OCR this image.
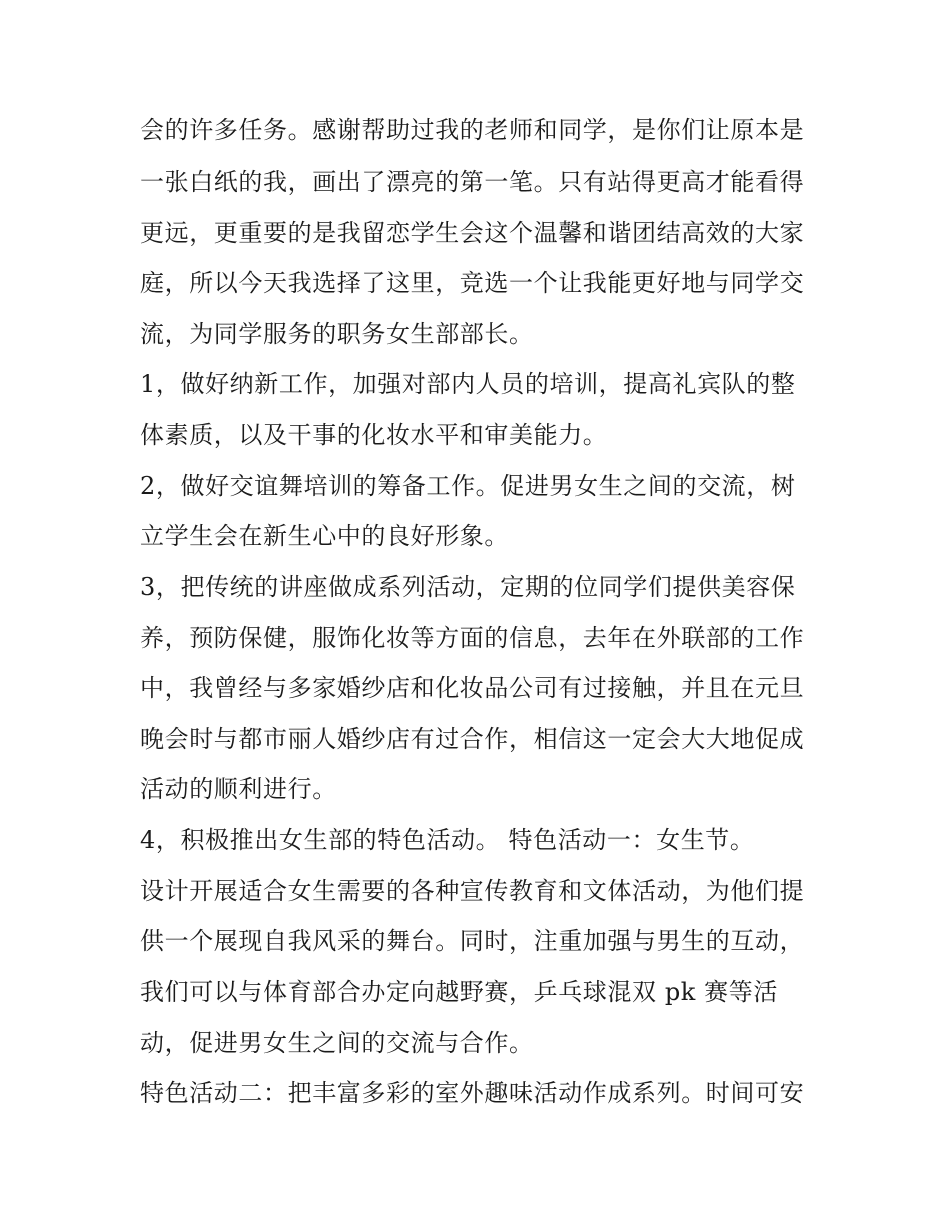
会的许多任务。感谢帮助过我的老师和同学，是你们让原本是
一张白纸的我，画出了漂亮的第一笔。只有站得更高才能看得
更远，更重要的是我留恋学生会这个温馨和谐团结高效的大家
庭，所以今天我选择了这里，竞选一个让我能更好地与同学交
流，为同学服务的职务女生部部长。
1，做好纳新工作，加强对部内人员的培训，提高礼宾队的整
体素质，以及干事的化妆水平和审美能力。
2，做好交谊舞培训的筹备工作。促进男女生之间的交流，树
立学生会在新生心中的良好形象。
3，把传统的讲座做成系列活动，定期的位同学们提供美容保
养，预防保健，服饰化妆等方面的信息，去年在外联部的工作
中，我曾经与多家婚纱店和化妆品公司有过接触，并且在元旦
晚会时与都市丽人婚纱店有过合作，相信这一定会大大地促成
活动的顺利进行。
4，积极推出女生部的特色活动。 特色活动一：女生节。
设计开展适合女生需要的各种宣传教育和文体活动，为他们提
供一个展现自我风采的舞台。同时，注重加强与男生的互动，
我们可以与体育部合办定向越野赛，乒乓球混双 pk 赛等活
动，促进男女生之间的交流与合作。
特色活动二：把丰富多彩的室外趣味活动作成系列。时间可安
